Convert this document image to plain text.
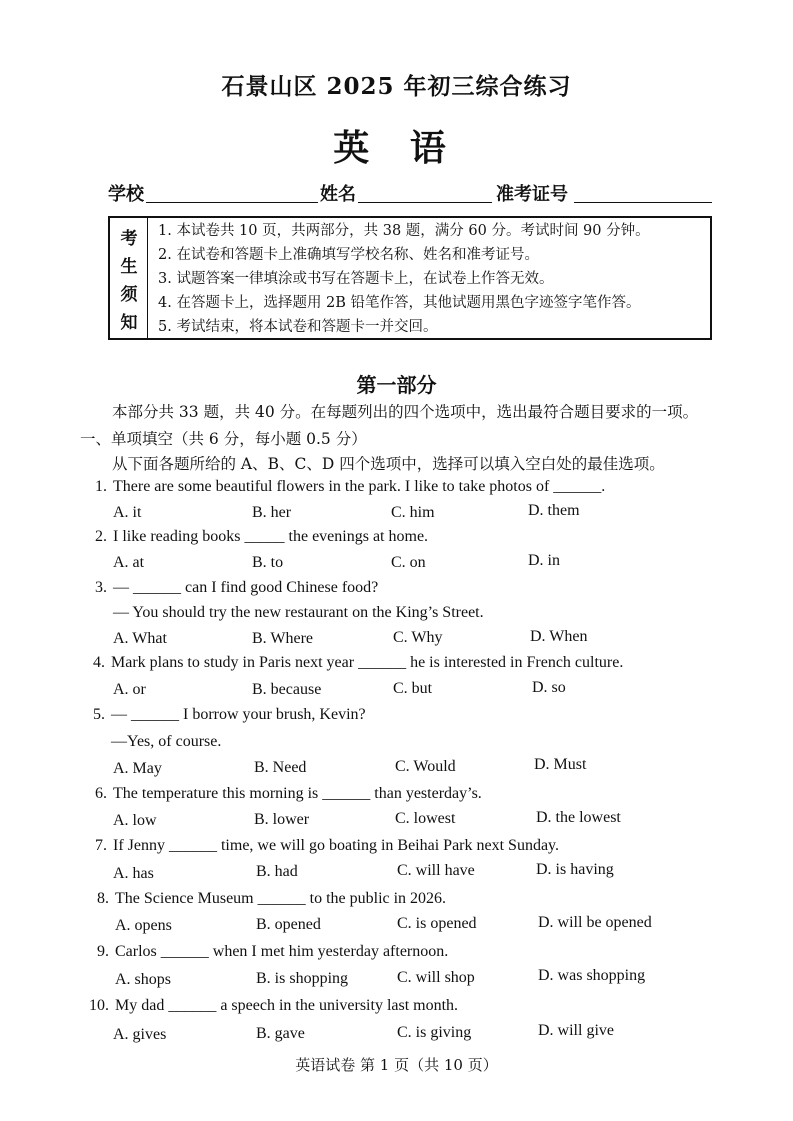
石景山区 2025 年初三综合练习
英 语
学校	姓名	准考证号
考
生
须
知
1. 本试卷共 10 页，共两部分，共 38 题，满分 60 分。考试时间 90 分钟。
2. 在试卷和答题卡上准确填写学校名称、姓名和准考证号。
3. 试题答案一律填涂或书写在答题卡上，在试卷上作答无效。
4. 在答题卡上，选择题用 2B 铅笔作答，其他试题用黑色字迹签字笔作答。
5. 考试结束，将本试卷和答题卡一并交回。
第一部分
本部分共 33 题，共 40 分。在每题列出的四个选项中，选出最符合题目要求的一项。
一、单项填空（共 6 分，每小题 0.5 分）
从下面各题所给的 A、B、C、D 四个选项中，选择可以填入空白处的最佳选项。
1. There are some beautiful flowers in the park. I like to take photos of ______.
A. it	B. her	C. him	D. them
2. I like reading books _____ the evenings at home.
A. at	B. to	C. on	D. in
3. — ______ can I find good Chinese food?
— You should try the new restaurant on the King’s Street.
A. What	B. Where	C. Why	D. When
4. Mark plans to study in Paris next year ______ he is interested in French culture.
A. or	B. because	C. but	D. so
5. — ______ I borrow your brush, Kevin?
—Yes, of course.
A. May	B. Need	C. Would	D. Must
6. The temperature this morning is ______ than yesterday’s.
A. low	B. lower	C. lowest	D. the lowest
7. If Jenny ______ time, we will go boating in Beihai Park next Sunday.
A. has	B. had	C. will have	D. is having
8. The Science Museum ______ to the public in 2026.
A. opens	B. opened	C. is opened	D. will be opened
9. Carlos ______ when I met him yesterday afternoon.
A. shops	B. is shopping	C. will shop	D. was shopping
10. My dad ______ a speech in the university last month.
A. gives	B. gave	C. is giving	D. will give
英语试卷 第 1 页（共 10 页）
